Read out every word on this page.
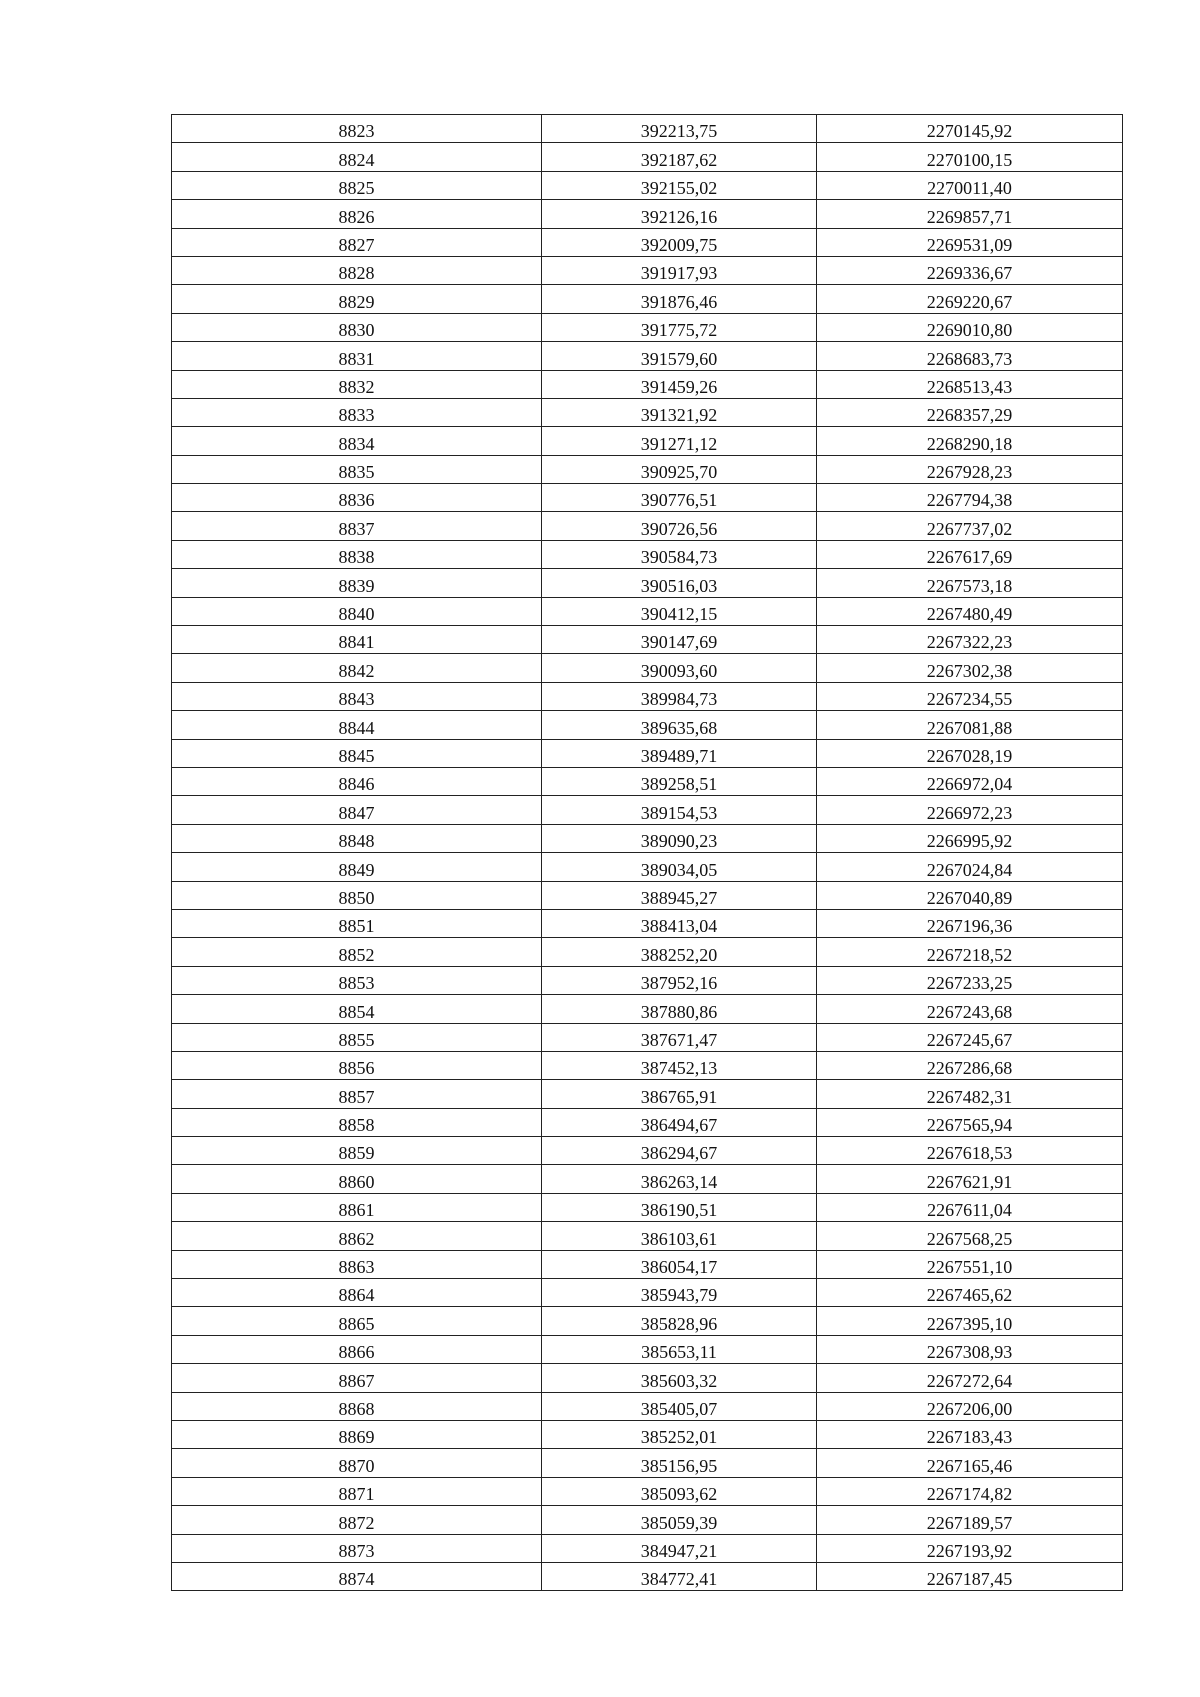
8823	392213,75	2270145,92
8824	392187,62	2270100,15
8825	392155,02	2270011,40
8826	392126,16	2269857,71
8827	392009,75	2269531,09
8828	391917,93	2269336,67
8829	391876,46	2269220,67
8830	391775,72	2269010,80
8831	391579,60	2268683,73
8832	391459,26	2268513,43
8833	391321,92	2268357,29
8834	391271,12	2268290,18
8835	390925,70	2267928,23
8836	390776,51	2267794,38
8837	390726,56	2267737,02
8838	390584,73	2267617,69
8839	390516,03	2267573,18
8840	390412,15	2267480,49
8841	390147,69	2267322,23
8842	390093,60	2267302,38
8843	389984,73	2267234,55
8844	389635,68	2267081,88
8845	389489,71	2267028,19
8846	389258,51	2266972,04
8847	389154,53	2266972,23
8848	389090,23	2266995,92
8849	389034,05	2267024,84
8850	388945,27	2267040,89
8851	388413,04	2267196,36
8852	388252,20	2267218,52
8853	387952,16	2267233,25
8854	387880,86	2267243,68
8855	387671,47	2267245,67
8856	387452,13	2267286,68
8857	386765,91	2267482,31
8858	386494,67	2267565,94
8859	386294,67	2267618,53
8860	386263,14	2267621,91
8861	386190,51	2267611,04
8862	386103,61	2267568,25
8863	386054,17	2267551,10
8864	385943,79	2267465,62
8865	385828,96	2267395,10
8866	385653,11	2267308,93
8867	385603,32	2267272,64
8868	385405,07	2267206,00
8869	385252,01	2267183,43
8870	385156,95	2267165,46
8871	385093,62	2267174,82
8872	385059,39	2267189,57
8873	384947,21	2267193,92
8874	384772,41	2267187,45
